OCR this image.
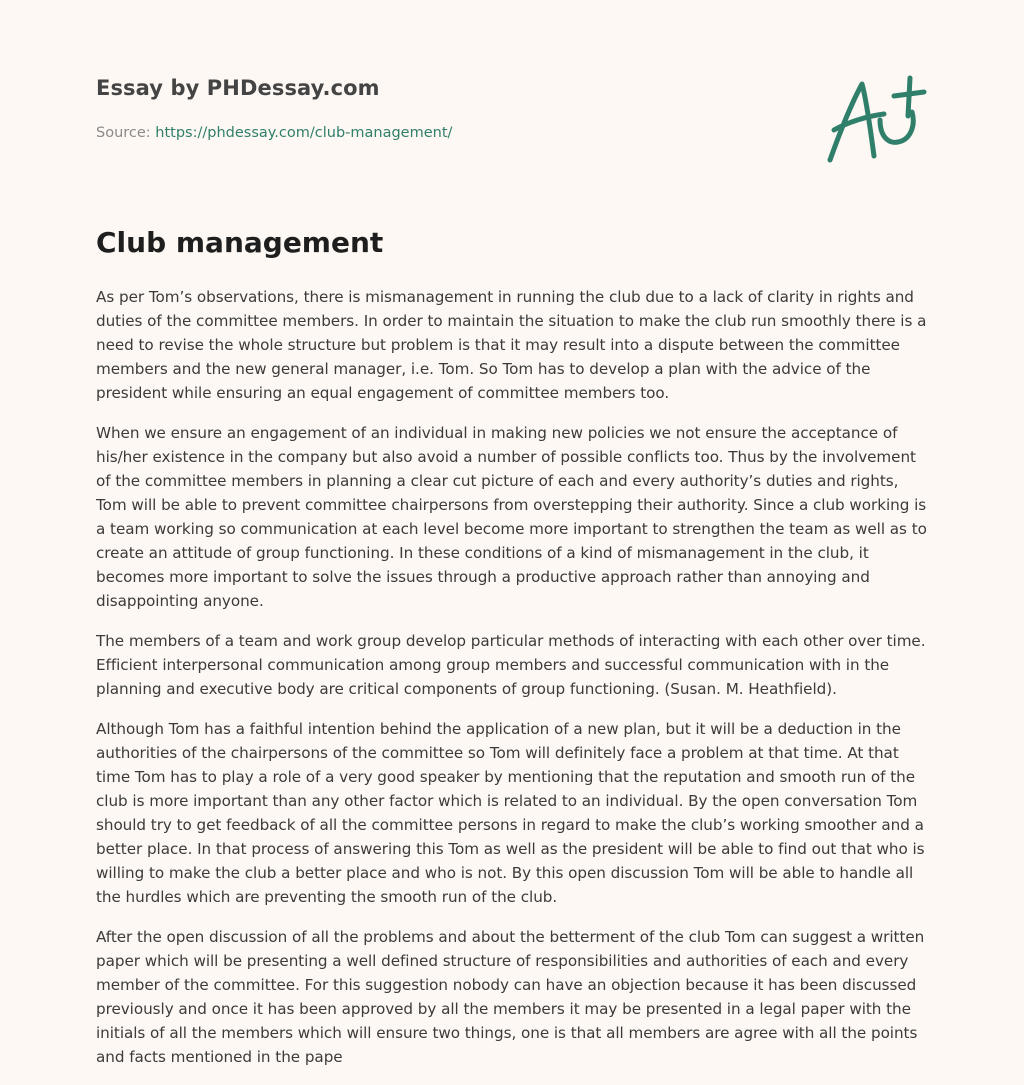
Essay by PHDessay.com
Source: https://phdessay.com/club-management/
Club management

As per Tom’s observations, there is mismanagement in running the club due to a lack of clarity in rights and duties of the committee members. In order to maintain the situation to make the club run smoothly there is a need to revise the whole structure but problem is that it may result into a dispute between the committee members and the new general manager, i.e. Tom. So Tom has to develop a plan with the advice of the president while ensuring an equal engagement of committee members too.

When we ensure an engagement of an individual in making new policies we not ensure the acceptance of his/her existence in the company but also avoid a number of possible conflicts too. Thus by the involvement of the committee members in planning a clear cut picture of each and every authority’s duties and rights, Tom will be able to prevent committee chairpersons from overstepping their authority. Since a club working is a team working so communication at each level become more important to strengthen the team as well as to create an attitude of group functioning. In these conditions of a kind of mismanagement in the club, it becomes more important to solve the issues through a productive approach rather than annoying and disappointing anyone.

The members of a team and work group develop particular methods of interacting with each other over time. Efficient interpersonal communication among group members and successful communication with in the planning and executive body are critical components of group functioning. (Susan. M. Heathfield).

Although Tom has a faithful intention behind the application of a new plan, but it will be a deduction in the authorities of the chairpersons of the committee so Tom will definitely face a problem at that time. At that time Tom has to play a role of a very good speaker by mentioning that the reputation and smooth run of the club is more important than any other factor which is related to an individual. By the open conversation Tom should try to get feedback of all the committee persons in regard to make the club’s working smoother and a better place. In that process of answering this Tom as well as the president will be able to find out that who is willing to make the club a better place and who is not. By this open discussion Tom will be able to handle all the hurdles which are preventing the smooth run of the club.

After the open discussion of all the problems and about the betterment of the club Tom can suggest a written paper which will be presenting a well defined structure of responsibilities and authorities of each and every member of the committee. For this suggestion nobody can have an objection because it has been discussed previously and once it has been approved by all the members it may be presented in a legal paper with the initials of all the members which will ensure two things, one is that all members are agree with all the points and facts mentioned in the pape
